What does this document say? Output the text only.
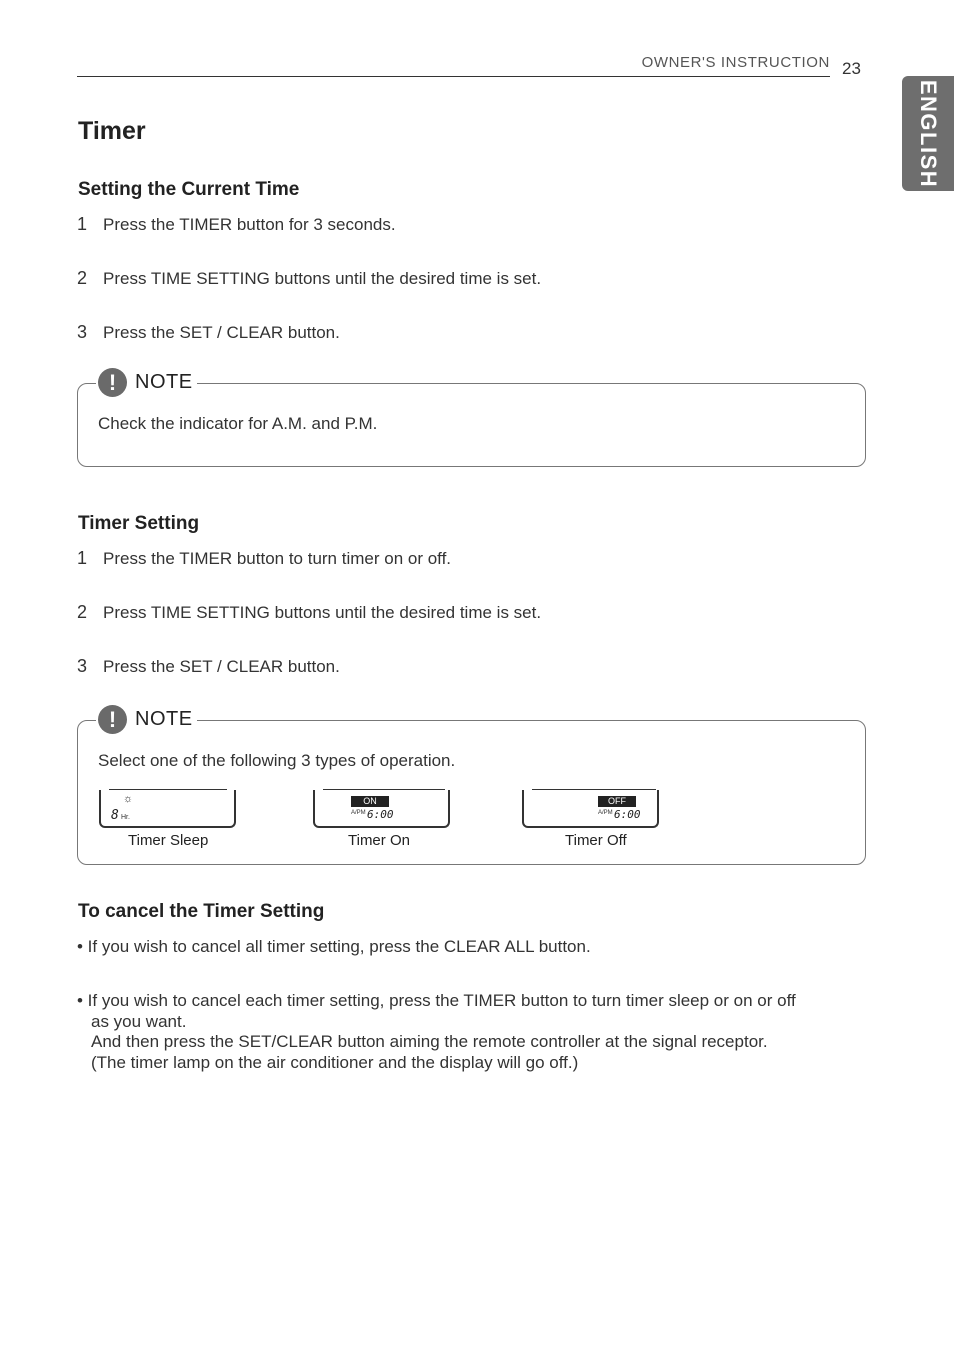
OWNER'S INSTRUCTION 23
ENGLISH
Timer
Setting the Current Time
1 Press the TIMER button for 3 seconds.
2 Press TIME SETTING buttons until the desired time is set.
3 Press the SET / CLEAR button.
! NOTE
Check the indicator for A.M. and P.M.
Timer Setting
1 Press the TIMER button to turn timer on or off.
2 Press TIME SETTING buttons until the desired time is set.
3 Press the SET / CLEAR button.
! NOTE
Select one of the following 3 types of operation.
☼
8 Hr.
Timer Sleep
ON
A/PM 6:00
Timer On
OFF
A/PM 6:00
Timer Off
To cancel the Timer Setting
• If you wish to cancel all timer setting, press the CLEAR ALL button.
• If you wish to cancel each timer setting, press the TIMER button to turn timer sleep or on or off
as you want.
And then press the SET/CLEAR button aiming the remote controller at the signal receptor.
(The timer lamp on the air conditioner and the display will go off.)
